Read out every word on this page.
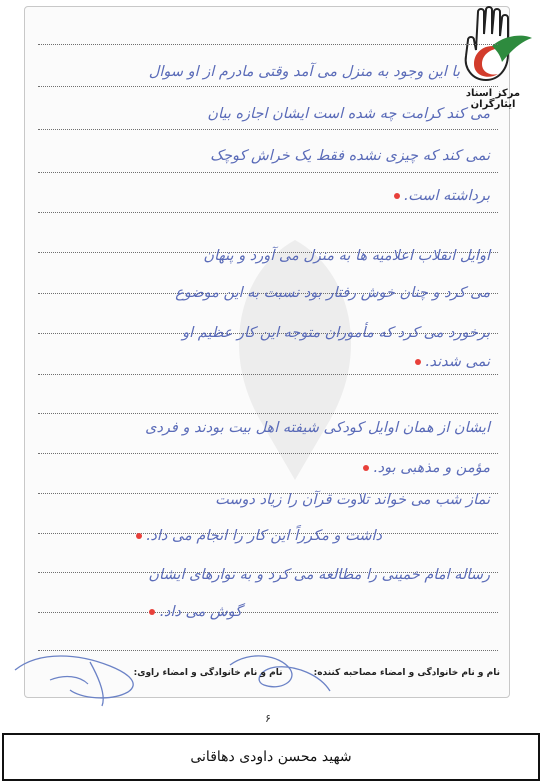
مرکز اسناد ایثارگران
با این وجود به منزل می آمد وقتی مادرم از او سوال
می کند کرامت چه شده است ایشان اجازه بیان
نمی کند که چیزی نشده فقط یک خراش کوچک
برداشته است.
اوایل انقلاب اعلامیه ها به منزل می آورد و پنهان
می کرد و چنان خوش رفتار بود نسبت به این موضوع
برخورد می کرد که مأموران متوجه این کار عظیم او
نمی شدند.
ایشان از همان اوایل کودکی شیفته اهل بیت بودند و فردی
مؤمن و مذهبی بود.
نماز شب می خواند تلاوت قرآن را زیاد دوست
داشت و مکرراً این کار را انجام می داد.
رساله امام خمینی را مطالعه می کرد و به نوارهای ایشان
گوش می داد.
نام و نام خانوادگی و امضاء مصاحبه کننده: نام و نام خانوادگی و امضاء راوی:
۶
شهید محسن داودی دهاقانی
